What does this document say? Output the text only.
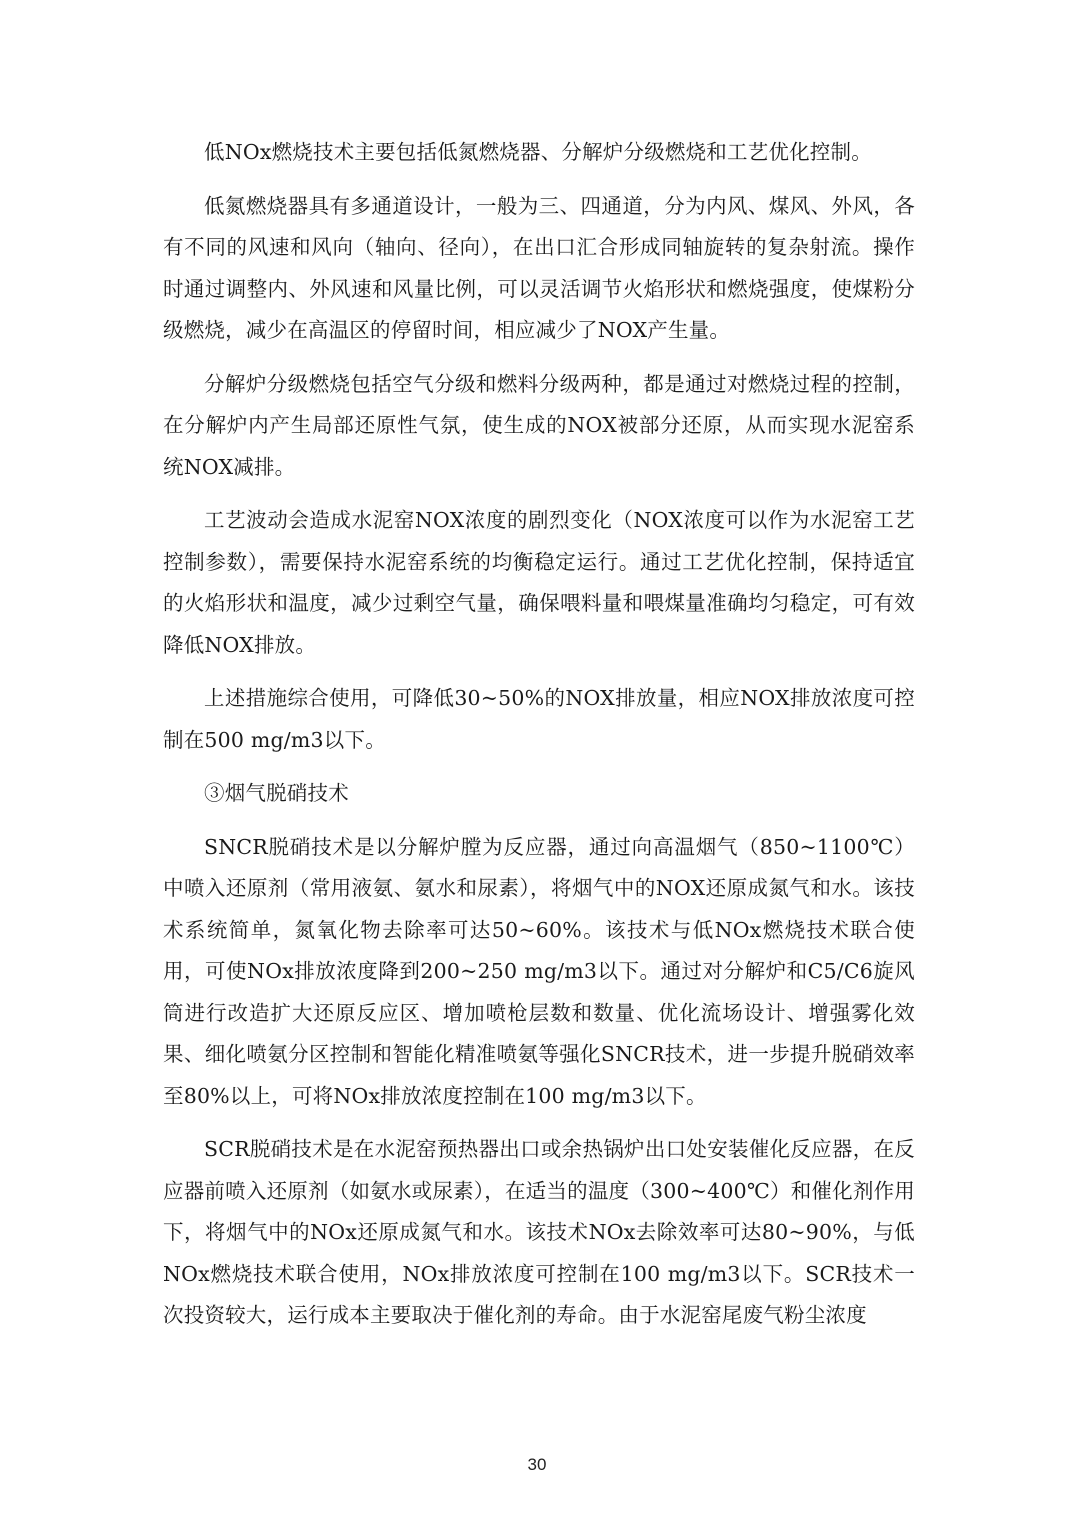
低NOx燃烧技术主要包括低氮燃烧器、分解炉分级燃烧和工艺优化控制。

低氮燃烧器具有多通道设计，一般为三、四通道，分为内风、煤风、外风，各有不同的风速和风向（轴向、径向），在出口汇合形成同轴旋转的复杂射流。操作时通过调整内、外风速和风量比例，可以灵活调节火焰形状和燃烧强度，使煤粉分级燃烧，减少在高温区的停留时间，相应减少了NOX产生量。

分解炉分级燃烧包括空气分级和燃料分级两种，都是通过对燃烧过程的控制，在分解炉内产生局部还原性气氛，使生成的NOX被部分还原，从而实现水泥窑系统NOX减排。

工艺波动会造成水泥窑NOX浓度的剧烈变化（NOX浓度可以作为水泥窑工艺控制参数），需要保持水泥窑系统的均衡稳定运行。通过工艺优化控制，保持适宜的火焰形状和温度，减少过剩空气量，确保喂料量和喂煤量准确均匀稳定，可有效降低NOX排放。

上述措施综合使用，可降低30~50%的NOX排放量，相应NOX排放浓度可控制在500 mg/m3以下。

③烟气脱硝技术

SNCR脱硝技术是以分解炉膛为反应器，通过向高温烟气（850~1100℃）中喷入还原剂（常用液氨、氨水和尿素），将烟气中的NOX还原成氮气和水。该技术系统简单，氮氧化物去除率可达50~60%。该技术与低NOx燃烧技术联合使用，可使NOx排放浓度降到200~250 mg/m3以下。通过对分解炉和C5/C6旋风筒进行改造扩大还原反应区、增加喷枪层数和数量、优化流场设计、增强雾化效果、细化喷氨分区控制和智能化精准喷氨等强化SNCR技术，进一步提升脱硝效率至80%以上，可将NOx排放浓度控制在100 mg/m3以下。

SCR脱硝技术是在水泥窑预热器出口或余热锅炉出口处安装催化反应器，在反应器前喷入还原剂（如氨水或尿素），在适当的温度（300~400℃）和催化剂作用下，将烟气中的NOx还原成氮气和水。该技术NOx去除效率可达80~90%，与低NOx燃烧技术联合使用，NOx排放浓度可控制在100 mg/m3以下。SCR技术一次投资较大，运行成本主要取决于催化剂的寿命。由于水泥窑尾废气粉尘浓度

30
